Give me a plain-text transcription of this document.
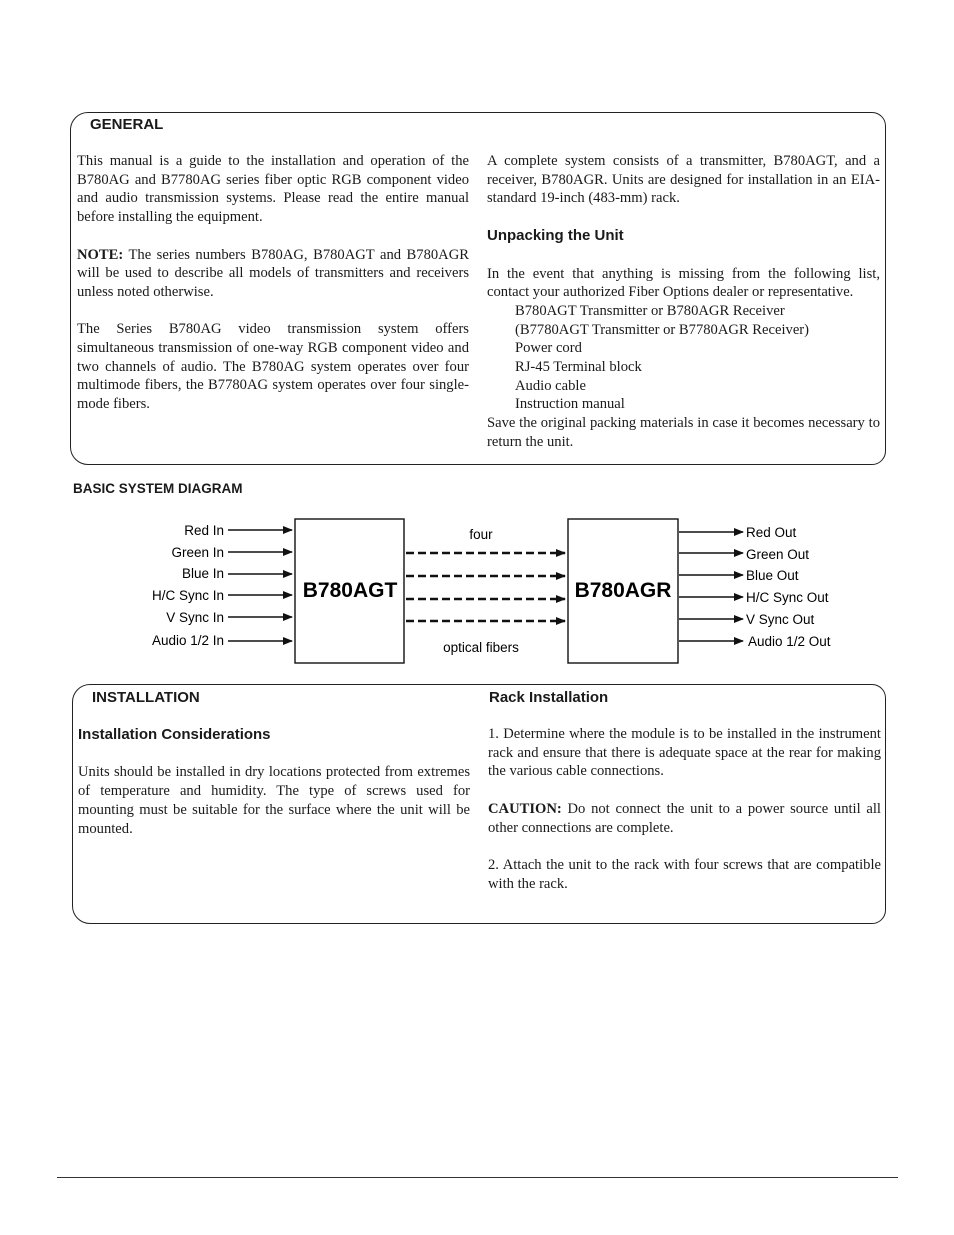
GENERAL

This manual is a guide to the installation and operation of the B780AG and B7780AG series fiber optic RGB component video and audio transmission systems. Please read the entire manual before installing the equipment.

NOTE: The series numbers B780AG, B780AGT and B780AGR will be used to describe all models of transmitters and receivers unless noted otherwise.

The Series B780AG video transmission system offers simultaneous transmission of one-way RGB component video and two channels of audio. The B780AG system operates over four multimode fibers, the B7780AG system operates over four single-mode fibers.

A complete system consists of a transmitter, B780AGT, and a receiver, B780AGR. Units are designed for installation in an EIA-standard 19-inch (483-mm) rack.

Unpacking the Unit

In the event that anything is missing from the following list, contact your authorized Fiber Options dealer or representative.

B780AGT Transmitter or B780AGR Receiver

(B7780AGT Transmitter or B7780AGR Receiver)

Power cord

RJ-45 Terminal block

Audio cable

Instruction manual

Save the original packing materials in case it becomes necessary to return the unit.

BASIC SYSTEM DIAGRAM
B780AGT	B780AGR
Red In
Green In
Blue In
H/C Sync In
V Sync In
Audio 1/2 In
four
optical fibers
Red Out
Green Out
Blue Out
H/C Sync Out
V Sync Out
Audio 1/2 Out
INSTALLATION	Rack Installation

Installation Considerations

Units should be installed in dry locations protected from extremes of temperature and humidity. The type of screws used for mounting must be suitable for the surface where the unit will be mounted.

1. Determine where the module is to be installed in the instrument rack and ensure that there is adequate space at the rear for making the various cable connections.

CAUTION: Do not connect the unit to a power source until all other connections are complete.

2. Attach the unit to the rack with four screws that are compatible with the rack.
